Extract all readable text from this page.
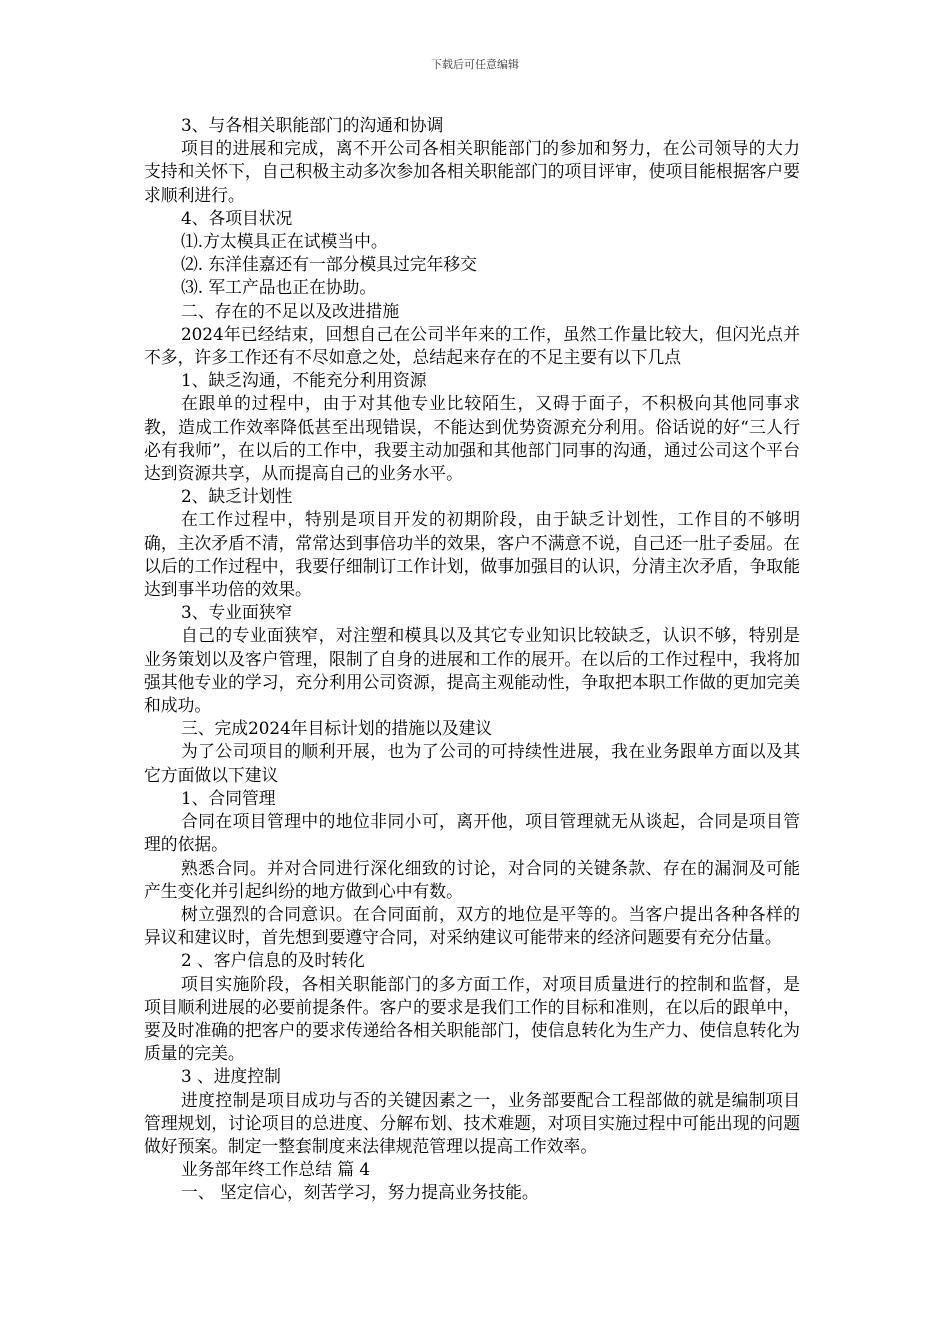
下载后可任意编辑

3、与各相关职能部门的沟通和协调

项目的进展和完成，离不开公司各相关职能部门的参加和努力，在公司领导的大力支持和关怀下，自己积极主动多次参加各相关职能部门的项目评审，使项目能根据客户要求顺利进行。

4、各项目状况

⑴.方太模具正在试模当中。

⑵. 东洋佳嘉还有一部分模具过完年移交

⑶. 军工产品也正在协助。

二、存在的不足以及改进措施

2024年已经结束，回想自己在公司半年来的工作，虽然工作量比较大，但闪光点并不多，许多工作还有不尽如意之处，总结起来存在的不足主要有以下几点

1、缺乏沟通，不能充分利用资源

在跟单的过程中，由于对其他专业比较陌生，又碍于面子，不积极向其他同事求教，造成工作效率降低甚至出现错误，不能达到优势资源充分利用。俗话说的好“三人行必有我师”，在以后的工作中，我要主动加强和其他部门同事的沟通，通过公司这个平台达到资源共享，从而提高自己的业务水平。

2、缺乏计划性

在工作过程中，特别是项目开发的初期阶段，由于缺乏计划性，工作目的不够明确，主次矛盾不清，常常达到事倍功半的效果，客户不满意不说，自己还一肚子委屈。在以后的工作过程中，我要仔细制订工作计划，做事加强目的认识，分清主次矛盾，争取能达到事半功倍的效果。

3、专业面狭窄

自己的专业面狭窄，对注塑和模具以及其它专业知识比较缺乏，认识不够，特别是业务策划以及客户管理，限制了自身的进展和工作的展开。在以后的工作过程中，我将加强其他专业的学习，充分利用公司资源，提高主观能动性，争取把本职工作做的更加完美和成功。

三、完成2024年目标计划的措施以及建议

为了公司项目的顺利开展，也为了公司的可持续性进展，我在业务跟单方面以及其它方面做以下建议

1、合同管理

合同在项目管理中的地位非同小可，离开他，项目管理就无从谈起，合同是项目管理的依据。

熟悉合同。并对合同进行深化细致的讨论，对合同的关键条款、存在的漏洞及可能产生变化并引起纠纷的地方做到心中有数。

树立强烈的合同意识。在合同面前，双方的地位是平等的。当客户提出各种各样的异议和建议时，首先想到要遵守合同，对采纳建议可能带来的经济问题要有充分估量。

2 、客户信息的及时转化

项目实施阶段，各相关职能部门的多方面工作，对项目质量进行的控制和监督，是项目顺利进展的必要前提条件。客户的要求是我们工作的目标和准则，在以后的跟单中，要及时准确的把客户的要求传递给各相关职能部门，使信息转化为生产力、使信息转化为质量的完美。

3 、进度控制

进度控制是项目成功与否的关键因素之一，业务部要配合工程部做的就是编制项目管理规划，讨论项目的总进度、分解布划、技术难题，对项目实施过程中可能出现的问题做好预案。制定一整套制度来法律规范管理以提高工作效率。

业务部年终工作总结 篇 4

一、 坚定信心，刻苦学习，努力提高业务技能。
